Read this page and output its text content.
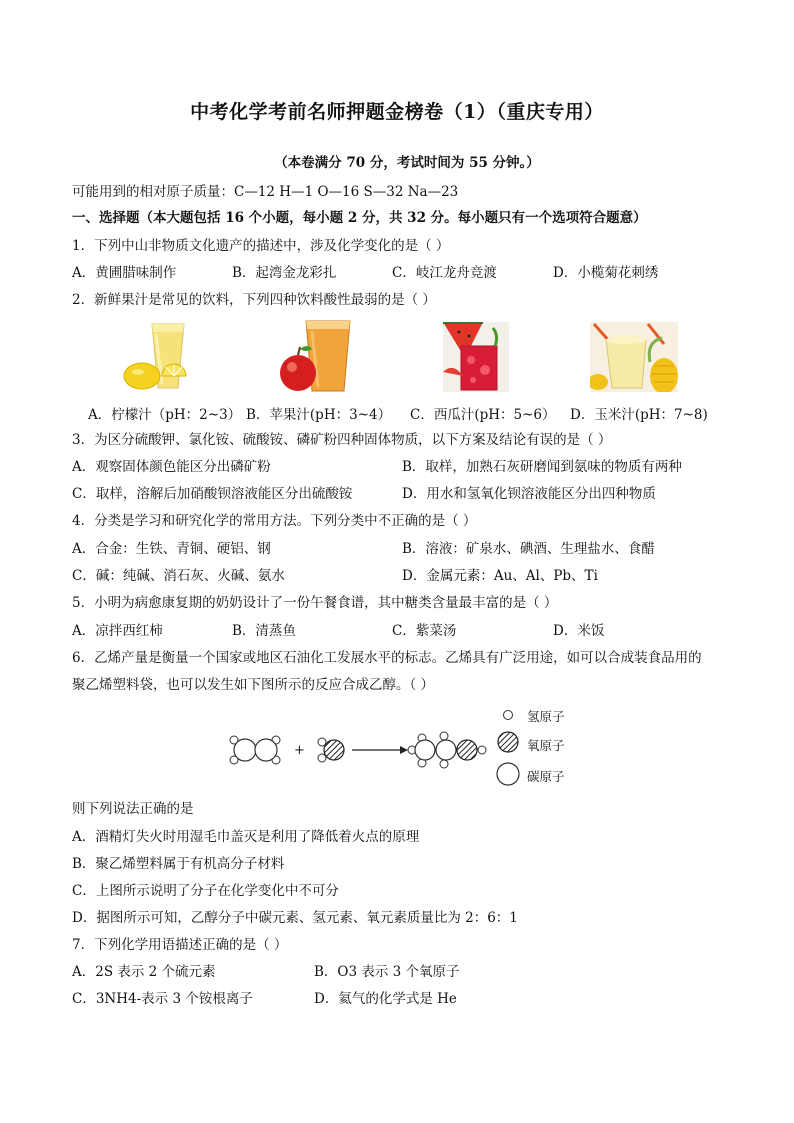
中考化学考前名师押题金榜卷（1）（重庆专用）
（本卷满分 70 分，考试时间为 55 分钟。）
可能用到的相对原子质量：C—12 H—1 O—16 S—32 Na—23
一、选择题（本大题包括 16 个小题，每小题 2 分，共 32 分。每小题只有一个选项符合题意）
1．下列中山非物质文化遗产的描述中，涉及化学变化的是（ ）
A．黄圃腊味制作	B．起湾金龙彩扎	C．岐江龙舟竞渡	D．小榄菊花刺绣
2．新鲜果汁是常见的饮料，下列四种饮料酸性最弱的是（ ）
A．柠檬汁（pH：2~3） B．苹果汁(pH：3~4） C．西瓜汁(pH：5~6） D．玉米汁(pH：7~8)
3．为区分硫酸钾、氯化铵、硫酸铵、磷矿粉四种固体物质，以下方案及结论有误的是（ ）
A．观察固体颜色能区分出磷矿粉	B．取样，加熟石灰研磨闻到氨味的物质有两种
C．取样，溶解后加硝酸钡溶液能区分出硫酸铵	D．用水和氢氧化钡溶液能区分出四种物质
4．分类是学习和研究化学的常用方法。下列分类中不正确的是（ ）
A．合金：生铁、青铜、硬铝、钢	B．溶液：矿泉水、碘酒、生理盐水、食醋
C．碱：纯碱、消石灰、火碱、氨水	D．金属元素：Au、Al、Pb、Ti
5．小明为病愈康复期的奶奶设计了一份午餐食谱，其中糖类含量最丰富的是（ ）
A．凉拌西红柿	B．清蒸鱼	C．紫菜汤	D．米饭
6．乙烯产量是衡量一个国家或地区石油化工发展水平的标志。乙烯具有广泛用途，如可以合成装食品用的
聚乙烯塑料袋，也可以发生如下图所示的反应合成乙醇。（ ）
+
氢原子
氧原子
碳原子
则下列说法正确的是
A．酒精灯失火时用湿毛巾盖灭是利用了降低着火点的原理
B．聚乙烯塑料属于有机高分子材料
C．上图所示说明了分子在化学变化中不可分
D．据图所示可知，乙醇分子中碳元素、氢元素、氧元素质量比为 2：6：1
7．下列化学用语描述正确的是（ ）
A．2S 表示 2 个硫元素	B．O3 表示 3 个氧原子
C．3NH4-表示 3 个铵根离子	D．氦气的化学式是 He
